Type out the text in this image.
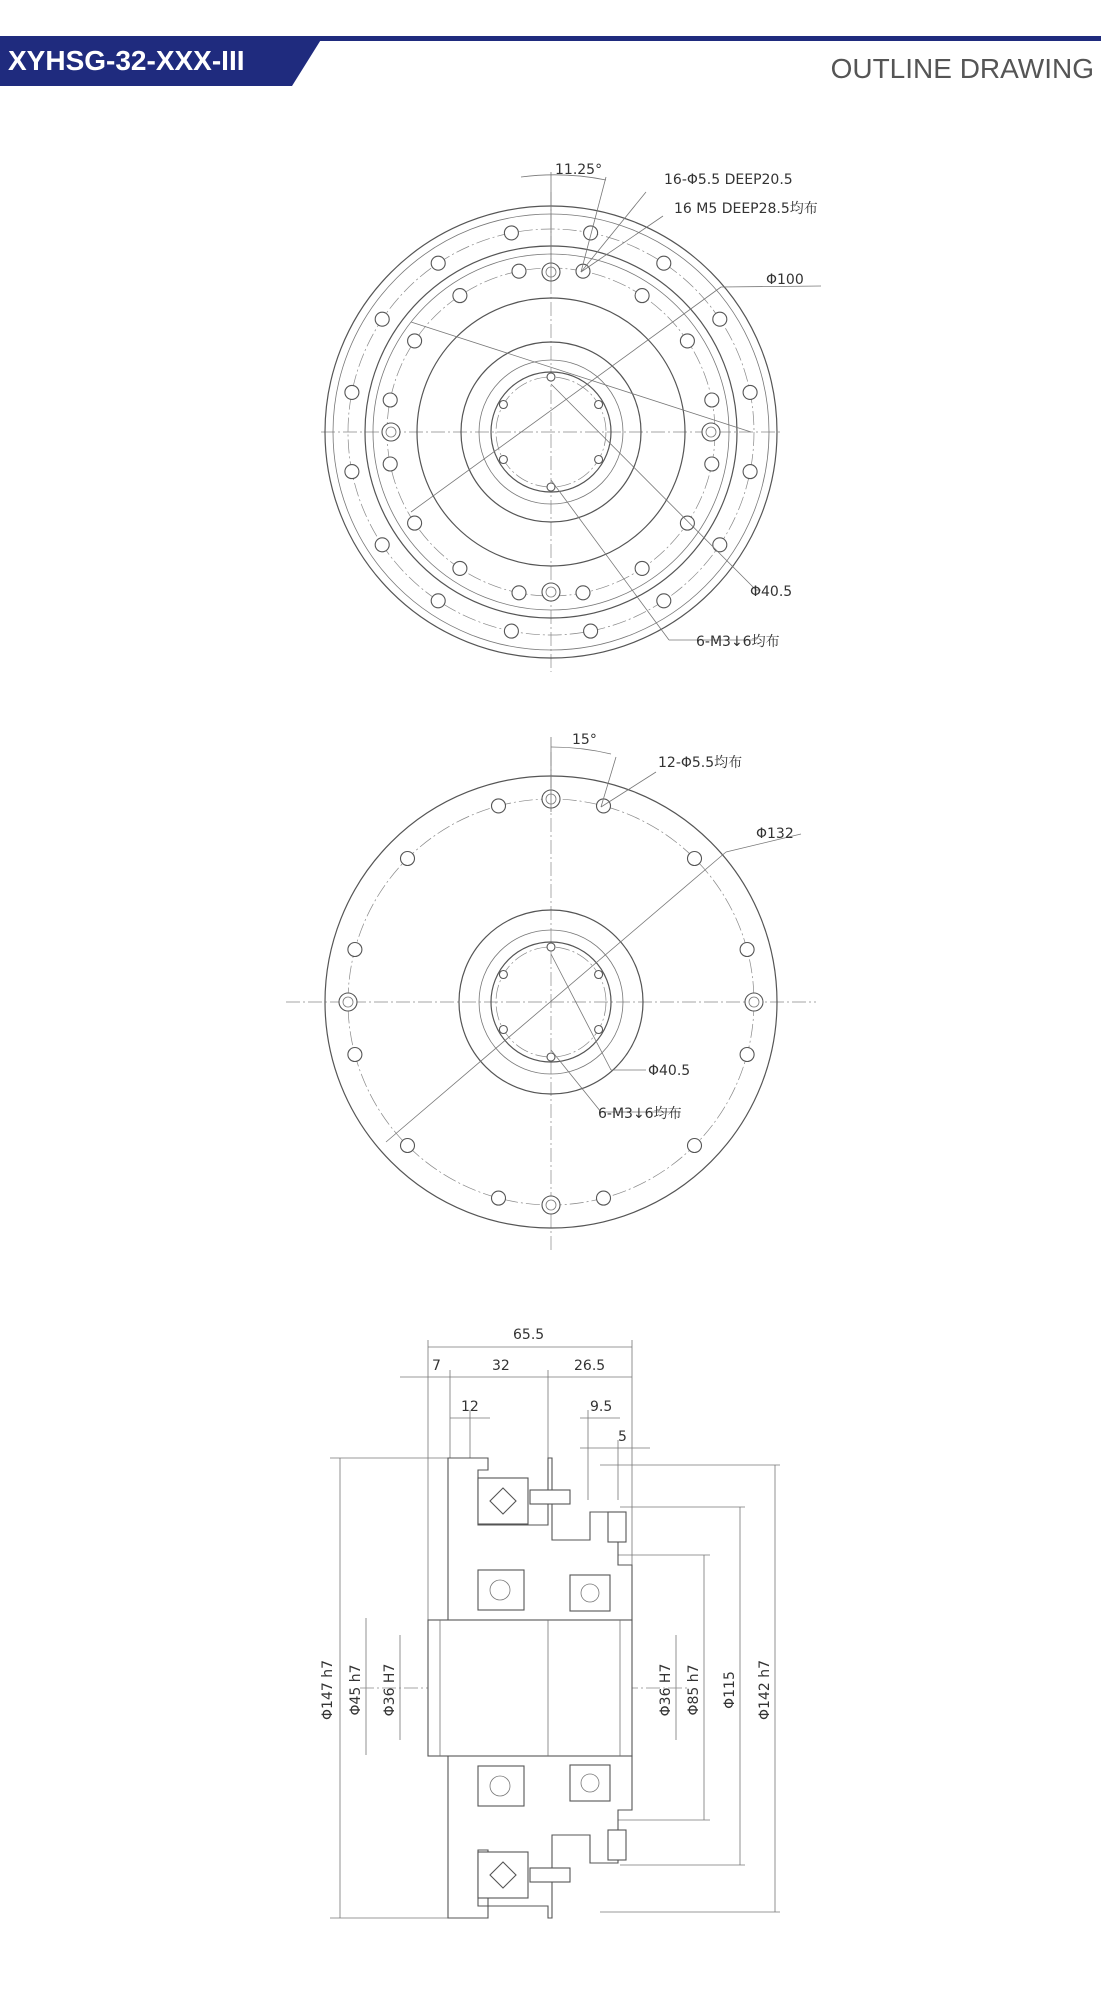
XYHSG-32-XXX-III	OUTLINE DRAWING
11.25°
16-Φ5.5 DEEP20.5
16 M5 DEEP28.5均布
Φ100
Φ40.5
6-M3↓6均布
15°
12-Φ5.5均布
Φ132
Φ40.5
6-M3↓6均布
65.5
7	32	26.5
12	9.5
5
Φ147 h7 Φ45 h7 Φ36 H7	Φ36 H7 Φ85 h7 Φ115 Φ142 h7
